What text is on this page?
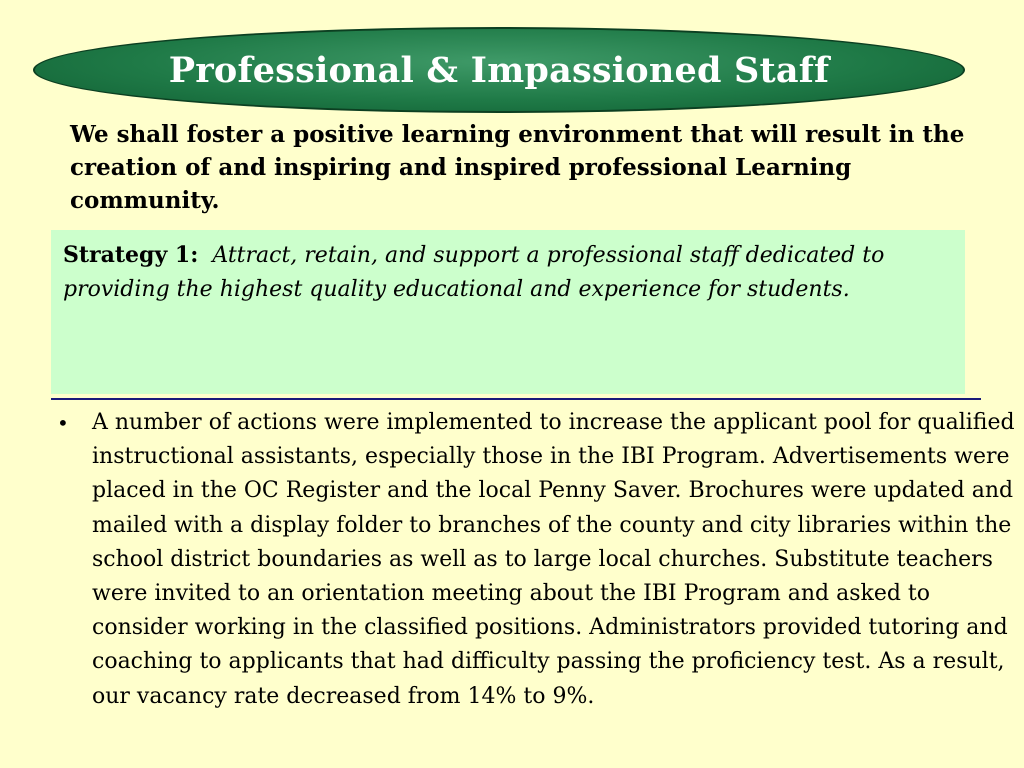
Professional & Impassioned Staff
We shall foster a positive learning environment that will result in the creation of and inspiring and inspired professional Learning community.
Strategy 1: Attract, retain, and support a professional staff dedicated to providing the highest quality educational and experience for students.
• A number of actions were implemented to increase the applicant pool for qualified instructional assistants, especially those in the IBI Program. Advertisements were placed in the OC Register and the local Penny Saver. Brochures were updated and mailed with a display folder to branches of the county and city libraries within the school district boundaries as well as to large local churches. Substitute teachers were invited to an orientation meeting about the IBI Program and asked to consider working in the classified positions. Administrators provided tutoring and coaching to applicants that had difficulty passing the proficiency test. As a result, our vacancy rate decreased from 14% to 9%.
